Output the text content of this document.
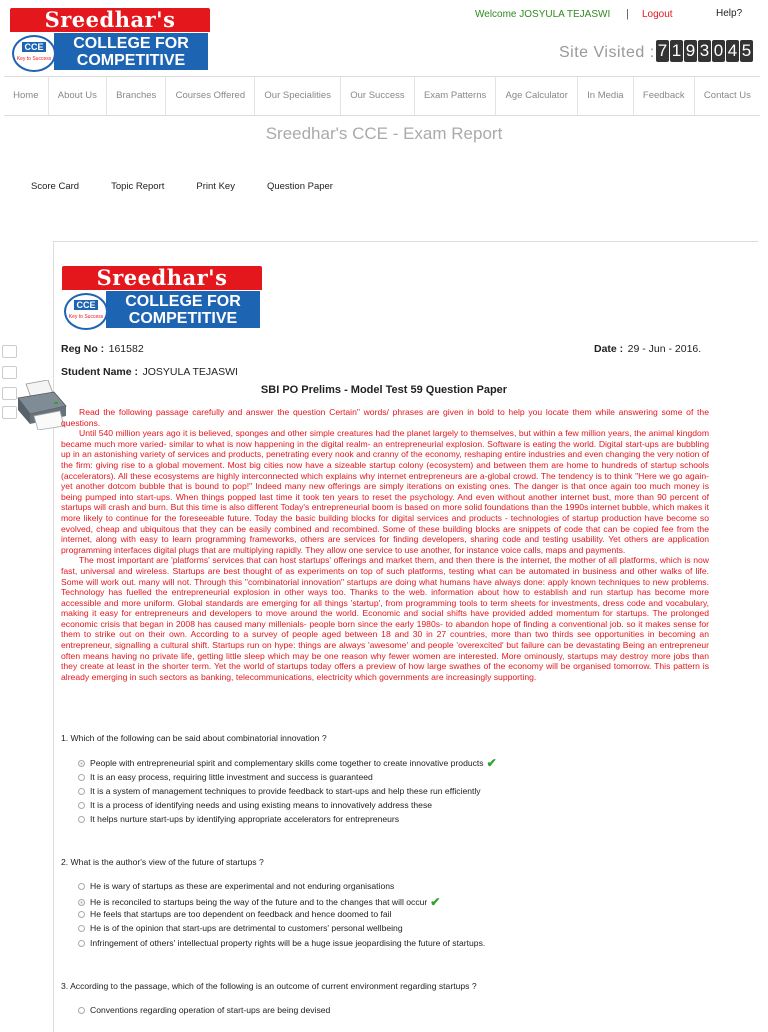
Sreedhar's
CCE
Key to Success
COLLEGE FOR
COMPETITIVE EXAMS
Welcome JOSYULA TEJASWI | Logout	Help?
Site Visited : 7 1 9 3 0 4 5
Home	About Us	Branches	Courses Offered	Our Specialities	Our Success	Exam Patterns	Age Calculator	In Media	Feedback	Contact Us
Sreedhar's CCE - Exam Report
Score Card	Topic Report	Print Key	Question Paper
Sreedhar's
CCE
Key to Success
COLLEGE FOR
COMPETITIVE EXAMS
Reg No : 161582	Date : 29 - Jun - 2016.
Student Name : JOSYULA TEJASWI
SBI PO Prelims - Model Test 59 Question Paper

Read the following passage carefully and answer the question Certain" words/ phrases are given in bold to help you locate them while answering some of the questions.

Until 540 million years ago it is believed, sponges and other simple creatures had the planet largely to themselves, but within a few million years, the animal kingdom became much more varied- similar to what is now happening in the digital realm- an entrepreneurial explosion. Software is eating the world. Digital start-ups are bubbling up in an astonishing variety of services and products, penetrating every nook and cranny of the economy, reshaping entire industries and even changing the very notion of the firm: giving rise to a global movement. Most big cities now have a sizeable startup colony (ecosystem) and between them are home to hundreds of startup schools (accelerators). All these ecosystems are highly interconnected which explains why internet entrepreneurs are a-global crowd. The tendency is to think "Here we go again- yet another dotcom bubble that is bound to pop!" Indeed many new offerings are simply iterations on existing ones. The danger is that once again too much money is being pumped into start-ups. When things popped last time it took ten years to reset the psychology. And even without another internet bust, more than 90 percent of startups will crash and burn. But this time is also different Today's entrepreneurial boom is based on more solid foundations than the 1990s internet bubble, which makes it more likely to continue for the foreseeable future. Today the basic building blocks for digital services and products - technologies of startup production have become so evolved, cheap and ubiquitous that they can be easily combined and recombined. Some of these building blocks are snippets of code that can be copied fee from the internet, along with easy to learn programming frameworks, others are services for finding developers, sharing code and testing usability. Yet others are application programming interfaces digital plugs that are multiplying rapidly. They allow one service to use another, for instance voice calls, maps and payments.

The most important are 'platforms' services that can host startups' offerings and market them, and then there is the internet, the mother of all platforms, which is now fast, universal and wireless. Startups are best thought of as experiments on top of such platforms, testing what can be automated in business and other walks of life. Some will work out. many will not. Through this "combinatorial innovation" startups are doing what humans have always done: apply known techniques to new problems. Technology has fuelled the entrepreneurial explosion in other ways too. Thanks to the web. information about how to establish and run startup has become more accessible and more uniform. Global standards are emerging for all things 'startup', from programming tools to term sheets for investments, dress code and vocabulary, making it easy for entrepreneurs and developers to move around the world. Economic and social shifts have provided added momentum for startups. The prolonged economic crisis that began in 2008 has caused many millenials- people born since the early 1980s- to abandon hope of finding a conventional job. so it makes sense for them to strike out on their own. According to a survey of people aged between 18 and 30 in 27 countries, more than two thirds see opportunities in becoming an entrepreneur, signalling a cultural shift. Startups run on hype: things are always 'awesome' and people 'overexcited' but failure can be devastating Being an entrepreneur often means having no private life, getting little sleep which may be one reason why fewer women are interested. More ominously, startups may destroy more jobs than they create at least in the shorter term. Yet the world of startups today offers a preview of how large swathes of the economy will be organised tomorrow. This pattern is already emerging in such sectors as banking, telecommunications, electricity which governments are increasingly supporting.

1. Which of the following can be said about combinatorial innovation ?
People with entrepreneurial spirit and complementary skills come together to create innovative products ✔
It is an easy process, requiring little investment and success is guaranteed
It is a system of management techniques to provide feedback to start-ups and help these run efficiently
It is a process of identifying needs and using existing means to innovatively address these
It helps nurture start-ups by identifying appropriate accelerators for entrepreneurs
2. What is the author's view of the future of startups ?
He is wary of startups as these are experimental and not enduring organisations
He is reconciled to startups being the way of the future and to the changes that will occur ✔
He feels that startups are too dependent on feedback and hence doomed to fail
He is of the opinion that start-ups are detrimental to customers' personal wellbeing
Infringement of others' intellectual property rights will be a huge issue jeopardising the future of startups.
3. According to the passage, which of the following is an outcome of current environment regarding startups ?
Conventions regarding operation of start-ups are being devised
